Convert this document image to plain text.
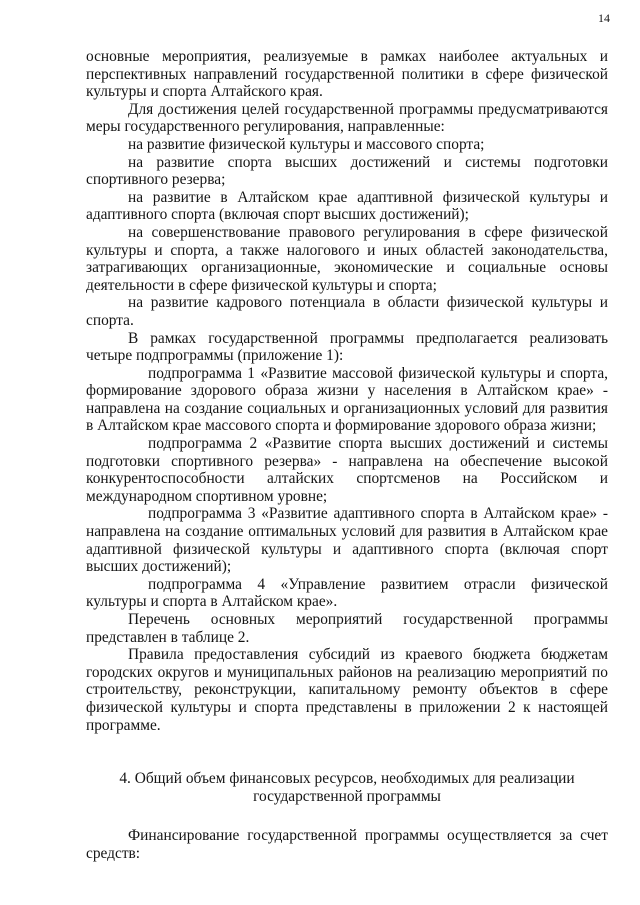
14

основные мероприятия, реализуемые в рамках наиболее актуальных и перспективных направлений государственной политики в сфере физической культуры и спорта Алтайского края.

Для достижения целей государственной программы предусматриваются меры государственного регулирования, направленные:

на развитие физической культуры и массового спорта;

на развитие спорта высших достижений и системы подготовки спортивного резерва;

на развитие в Алтайском крае адаптивной физической культуры и адаптивного спорта (включая спорт высших достижений);

на совершенствование правового регулирования в сфере физической культуры и спорта, а также налогового и иных областей законодательства, затрагивающих организационные, экономические и социальные основы деятельности в сфере физической культуры и спорта;

на развитие кадрового потенциала в области физической культуры и спорта.

В рамках государственной программы предполагается реализовать четыре подпрограммы (приложение 1):

подпрограмма 1 «Развитие массовой физической культуры и спорта, формирование здорового образа жизни у населения в Алтайском крае» - направлена на создание социальных и организационных условий для развития в Алтайском крае массового спорта и формирование здорового образа жизни;

подпрограмма 2 «Развитие спорта высших достижений и системы подготовки спортивного резерва» - направлена на обеспечение высокой конкурентоспособности алтайских спортсменов на Российском и международном спортивном уровне;

подпрограмма 3 «Развитие адаптивного спорта в Алтайском крае» - направлена на создание оптимальных условий для развития в Алтайском крае адаптивной физической культуры и адаптивного спорта (включая спорт высших достижений);

подпрограмма 4 «Управление развитием отрасли физической культуры и спорта в Алтайском крае».

Перечень основных мероприятий государственной программы представлен в таблице 2.

Правила предоставления субсидий из краевого бюджета бюджетам городских округов и муниципальных районов на реализацию мероприятий по строительству, реконструкции, капитальному ремонту объектов в сфере физической культуры и спорта представлены в приложении 2 к настоящей программе.

4. Общий объем финансовых ресурсов, необходимых для реализации
государственной программы

Финансирование государственной программы осуществляется за счет средств:
